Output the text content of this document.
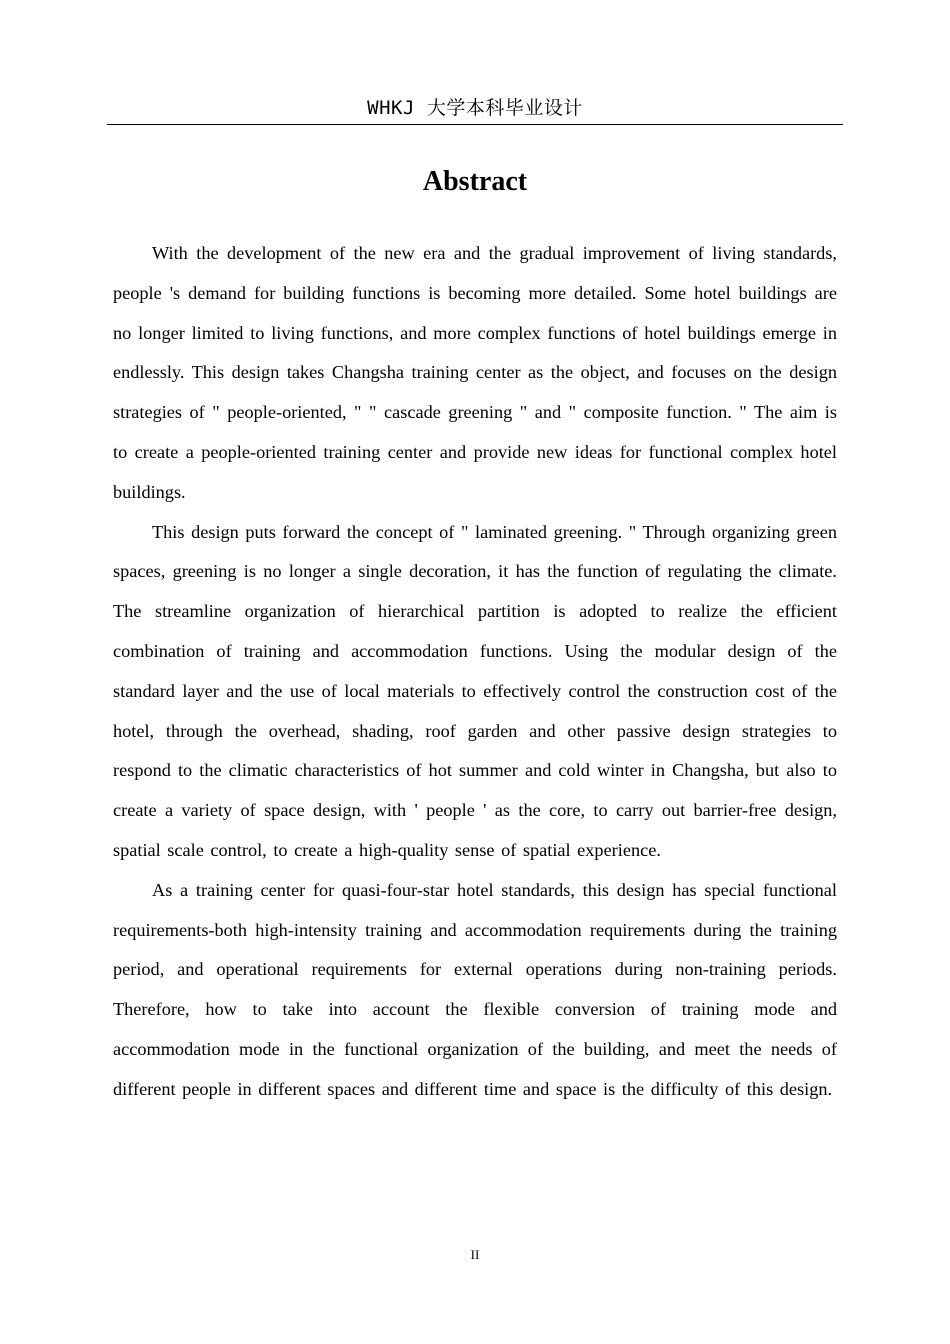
WHKJ 大学本科毕业设计
Abstract

With the development of the new era and the gradual improvement of living standards, people 's demand for building functions is becoming more detailed. Some hotel buildings are no longer limited to living functions, and more complex functions of hotel buildings emerge in endlessly. This design takes Changsha training center as the object, and focuses on the design strategies of " people-oriented, " " cascade greening " and " composite function. " The aim is to create a people-oriented training center and provide new ideas for functional complex hotel buildings.

This design puts forward the concept of " laminated greening. " Through organizing green spaces, greening is no longer a single decoration, it has the function of regulating the climate. The streamline organization of hierarchical partition is adopted to realize the efficient combination of training and accommodation functions. Using the modular design of the standard layer and the use of local materials to effectively control the construction cost of the hotel, through the overhead, shading, roof garden and other passive design strategies to respond to the climatic characteristics of hot summer and cold winter in Changsha, but also to create a variety of space design, with ' people ' as the core, to carry out barrier-free design, spatial scale control, to create a high-quality sense of spatial experience.

As a training center for quasi-four-star hotel standards, this design has special functional requirements-both high-intensity training and accommodation requirements during the training period, and operational requirements for external operations during non-training periods. Therefore, how to take into account the flexible conversion of training mode and accommodation mode in the functional organization of the building, and meet the needs of different people in different spaces and different time and space is the difficulty of this design.

II
